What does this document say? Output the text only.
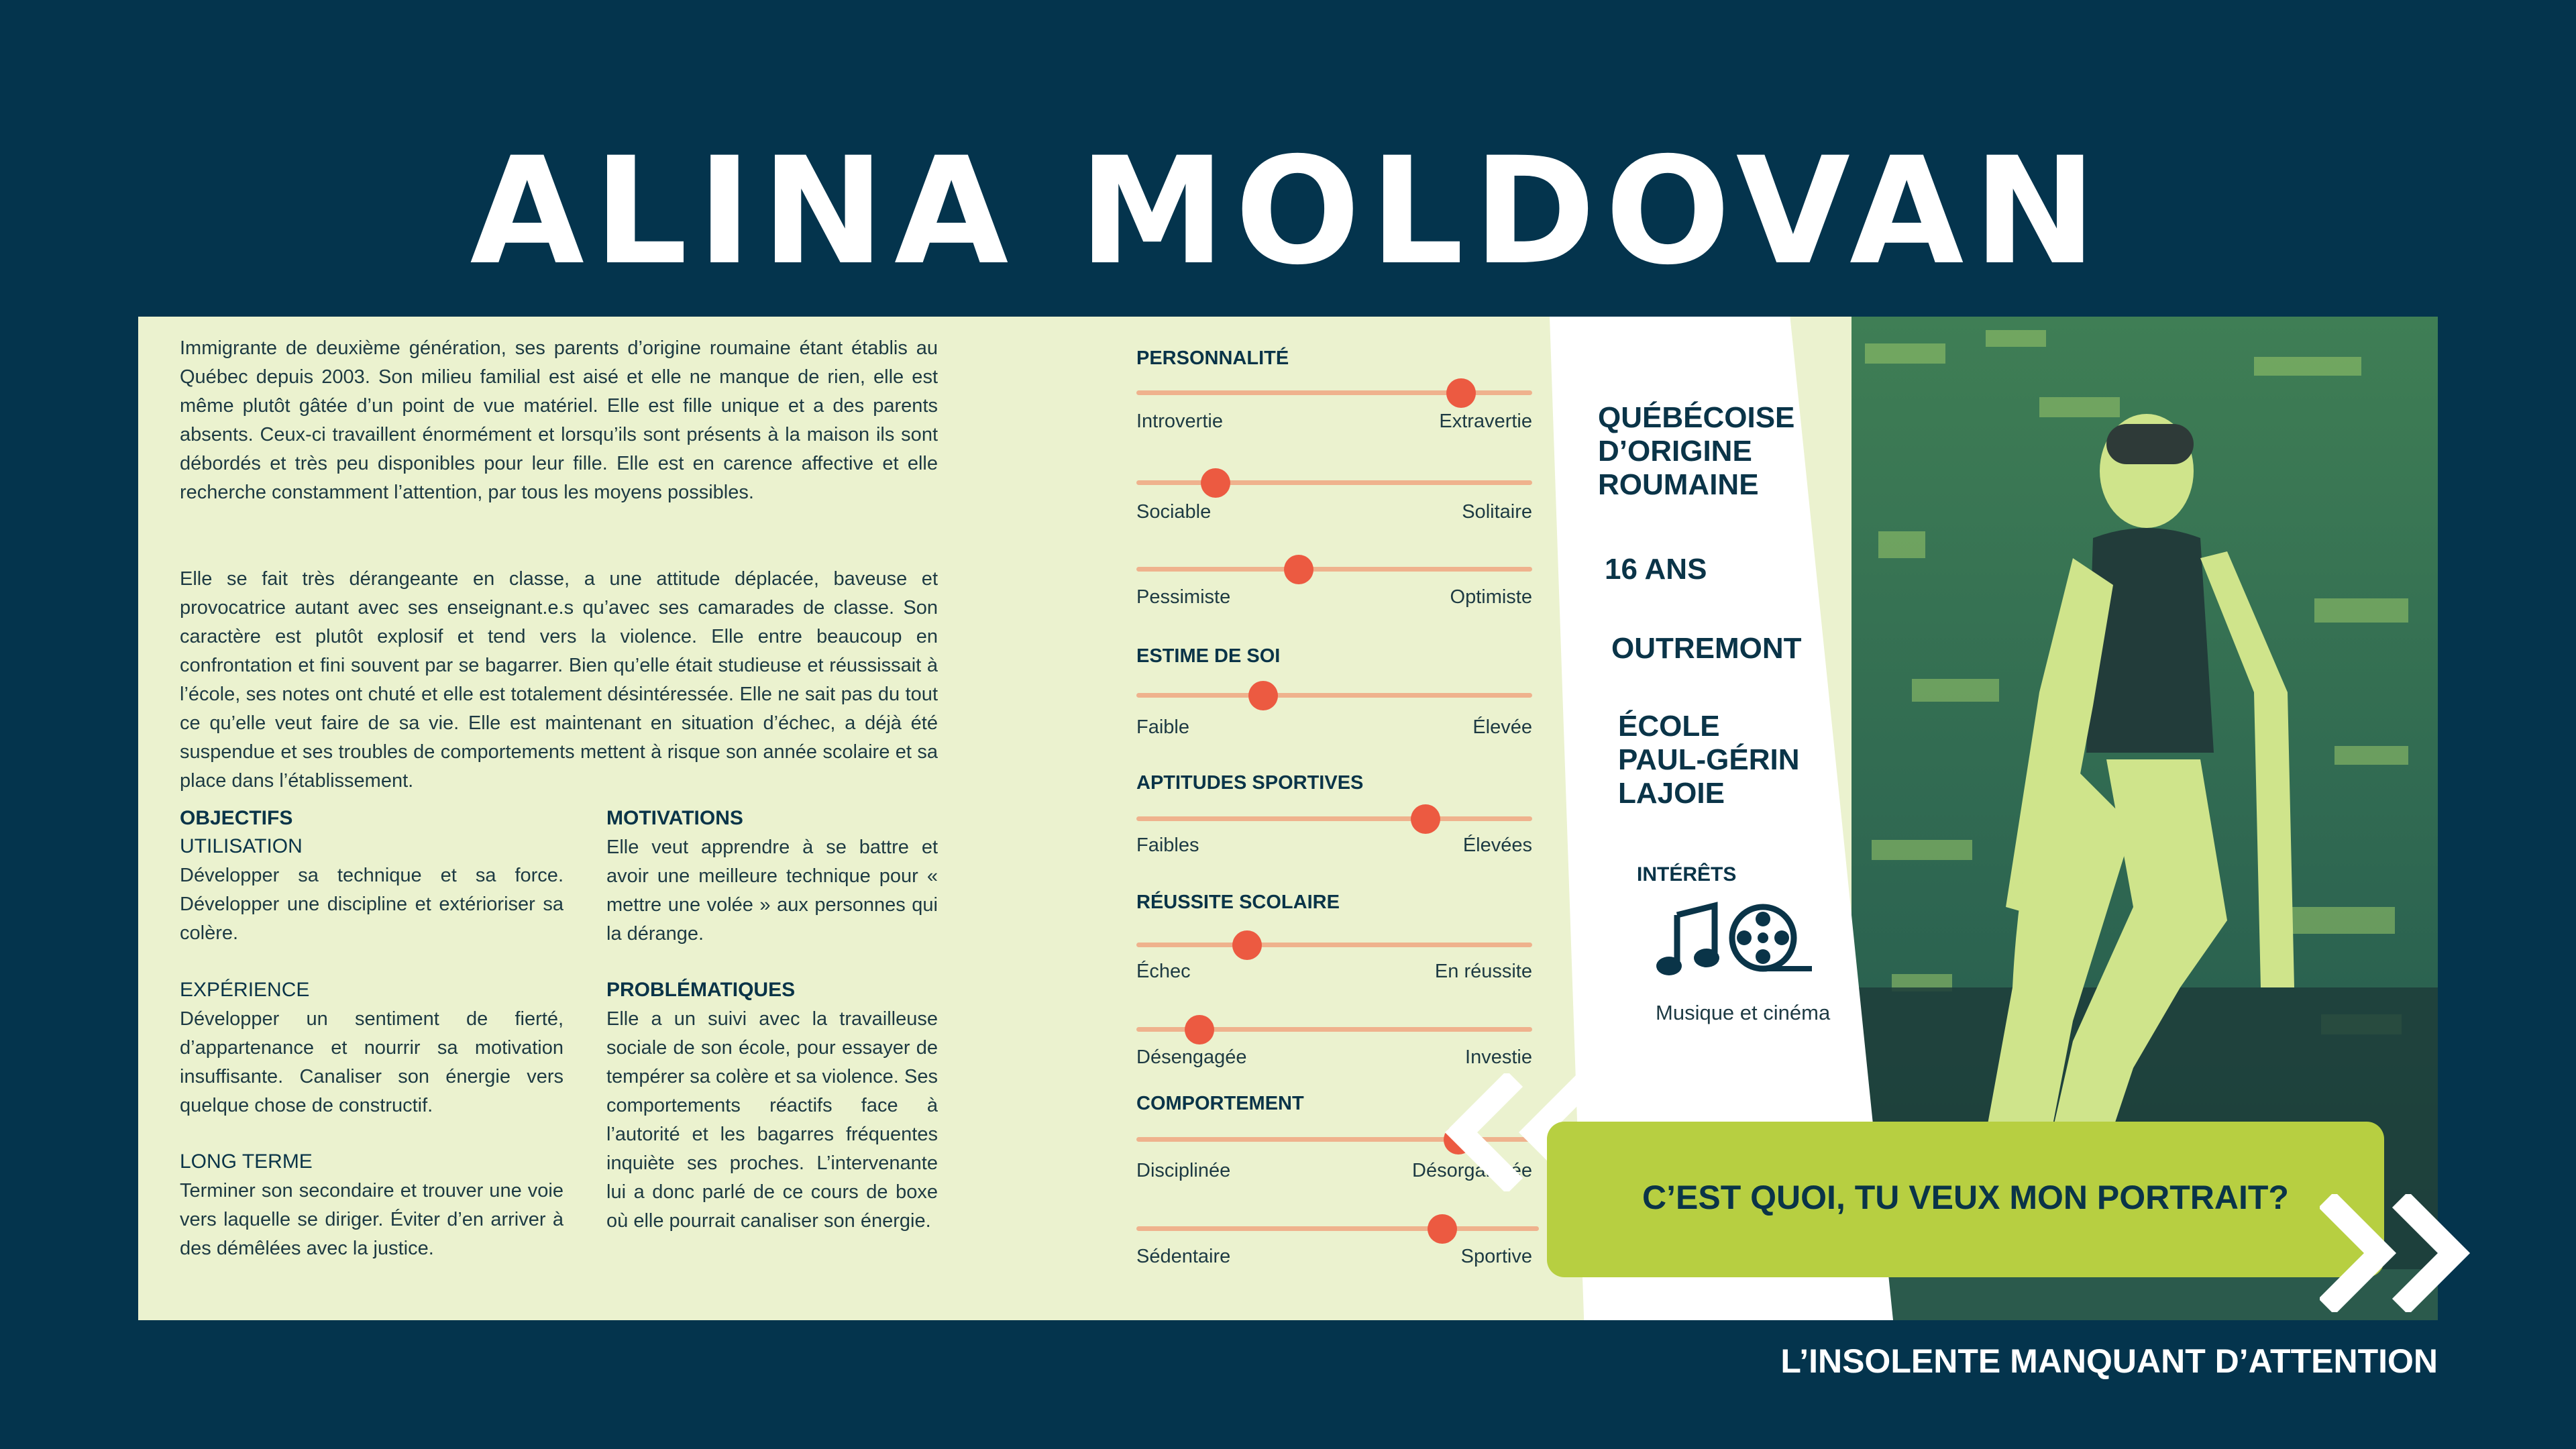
ALINA MOLDOVAN

Immigrante de deuxième génération, ses parents d’origine roumaine étant établis au Québec depuis 2003. Son milieu familial est aisé et elle ne manque de rien, elle est même plutôt gâtée d’un point de vue matériel. Elle est fille unique et a des parents absents. Ceux-ci travaillent énormément et lorsqu’ils sont présents à la maison ils sont débordés et très peu disponibles pour leur fille. Elle est en carence affective et elle recherche constamment l’attention, par tous les moyens possibles.

Elle se fait très dérangeante en classe, a une attitude déplacée, baveuse et provocatrice autant avec ses enseignant.e.s qu’avec ses camarades de classe. Son caractère est plutôt explosif et tend vers la violence. Elle entre beaucoup en confrontation et fini souvent par se bagarrer. Bien qu’elle était studieuse et réussissait à l’école, ses notes ont chuté et elle est totalement désintéressée. Elle ne sait pas du tout ce qu’elle veut faire de sa vie. Elle est maintenant en situation d’échec, a déjà été suspendue et ses troubles de comportements mettent à risque son année scolaire et sa place dans l’établissement.

OBJECTIFS
UTILISATION

Développer sa technique et sa force. Développer une discipline et extérioriser sa colère.

EXPÉRIENCE

Développer un sentiment de fierté, d’appartenance et nourrir sa motivation insuffisante. Canaliser son énergie vers quelque chose de constructif.

LONG TERME

Terminer son secondaire et trouver une voie vers laquelle se diriger. Éviter d’en arriver à des démêlées avec la justice.

MOTIVATIONS

Elle veut apprendre à se battre et avoir une meilleure technique pour « mettre une volée » aux personnes qui la dérange.

PROBLÉMATIQUES

Elle a un suivi avec la travailleuse sociale de son école, pour essayer de tempérer sa colère et sa violence. Ses comportements réactifs face à l’autorité et les bagarres fréquentes inquiète ses proches. L’intervenante lui a donc parlé de ce cours de boxe où elle pourrait canaliser son énergie.

PERSONNALITÉ
Introvertie	Extravertie
Sociable	Solitaire
Pessimiste	Optimiste
ESTIME DE SOI
Faible	Élevée
APTITUDES SPORTIVES
Faibles	Élevées
RÉUSSITE SCOLAIRE
Échec	En réussite
Désengagée	Investie
COMPORTEMENT
Disciplinée	Désorganisée
Sédentaire	Sportive
QUÉBÉCOISE
D’ORIGINE
ROUMAINE
16 ANS
OUTREMONT
ÉCOLE
PAUL-GÉRIN
LAJOIE
INTÉRÊTS
Musique et cinéma
C’EST QUOI, TU VEUX MON PORTRAIT?
L’INSOLENTE MANQUANT D’ATTENTION
